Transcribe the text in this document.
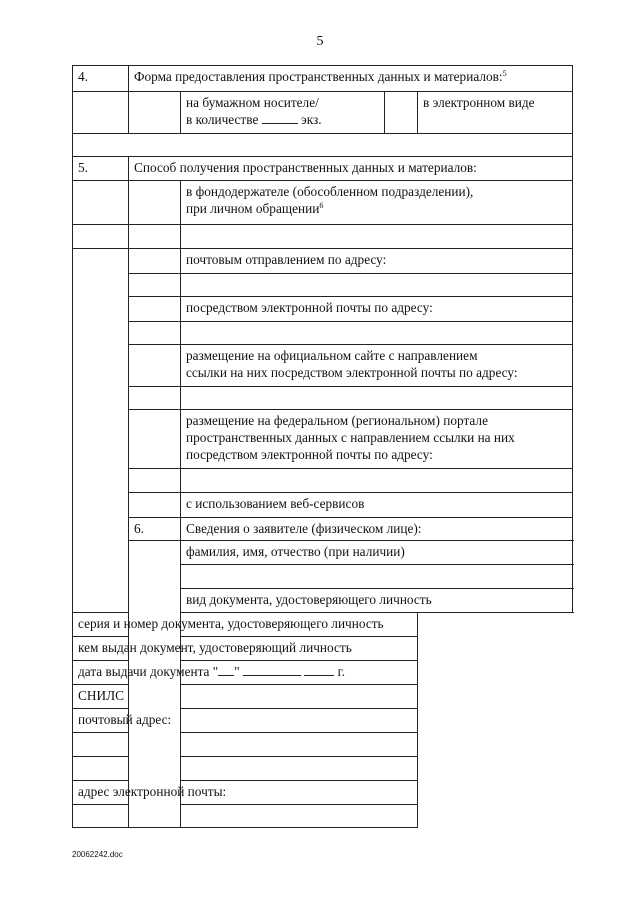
5
4.	Форма предоставления пространственных данных и материалов:$^5$

		на бумажном носителе/
в количестве экз.		в электронном виде

5.	Способ получения пространственных данных и материалов:			

		в фондодержателе (обособленном подразделении),
при личном обращении$^6$

		почтовым отправлением по адресу:		

		посредством электронной почты по адресу:		

		размещение на официальном сайте с направлением
ссылки на них посредством электронной почты по адресу:		

		размещение на федеральном (региональном) портале
пространственных данных с направлением ссылки на них
посредством электронной почты по адресу:		

		с использованием веб-сервисов		
	6.	Сведения о заявителе (физическом лице):		
		фамилия, имя, отчество (при наличии)		

		вид документа, удостоверяющего личность		
серия и номер документа, удостоверяющего личность				
кем выдан документ, удостоверяющий личность				
дата выдачи документа " " г.				
СНИЛС				
почтовый адрес:				

адрес электронной почты:				

20062242.doc
